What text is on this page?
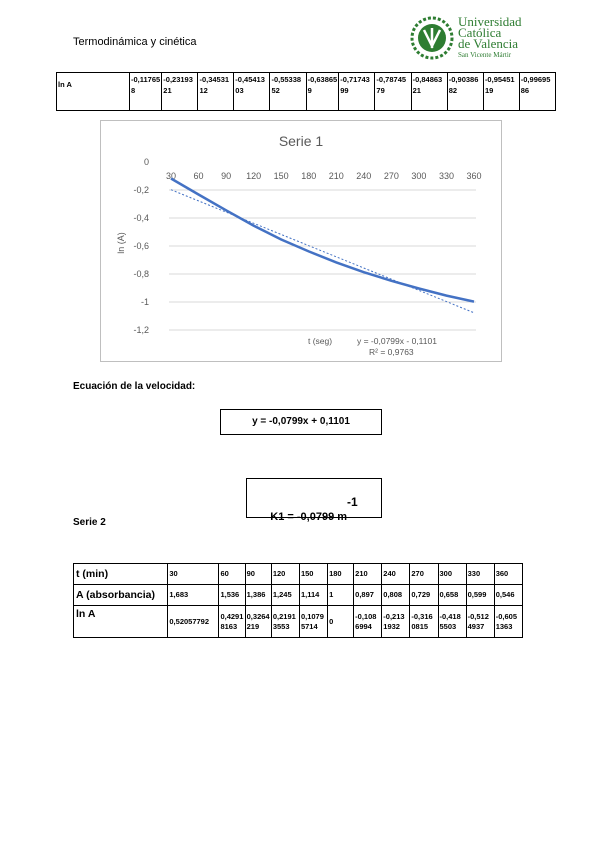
Termodinámica y cinética
Universidad
Católica
de Valencia
San Vicente Mártir
ln A	-0,117658	-0,2319321	-0,3453112	-0,4541303	-0,5533852	-0,638659	-0,7174399	-0,7874579	-0,8486321	-0,9038682	-0,9545119	-0,9969586
Serie 1
0
-0,2
-0,4
-0,6
-0,8
-1
-1,2
30 60 90 120 150 180 210 240 270 300 330 360
ln (A)
t (seg)	y = -0,0799x - 0,1101
R² = 0,9763
Ecuación de la velocidad:
y = -0,0799x + 0,1101
K1 = -0,0799 $m^{-1}$
Serie 2
t (min)	30	60	90	120	150	180	210	240	270	300	330	360
A (absorbancia)	1,683	1,536	1,386	1,245	1,114	1	0,897	0,808	0,729	0,658	0,599	0,546
ln A	0,52057792	0,42918163	0,3264219	0,21913553	0,10795714	0	-0,1086994	-0,2131932	-0,3160815	-0,4185503	-0,5124937	-0,6051363
